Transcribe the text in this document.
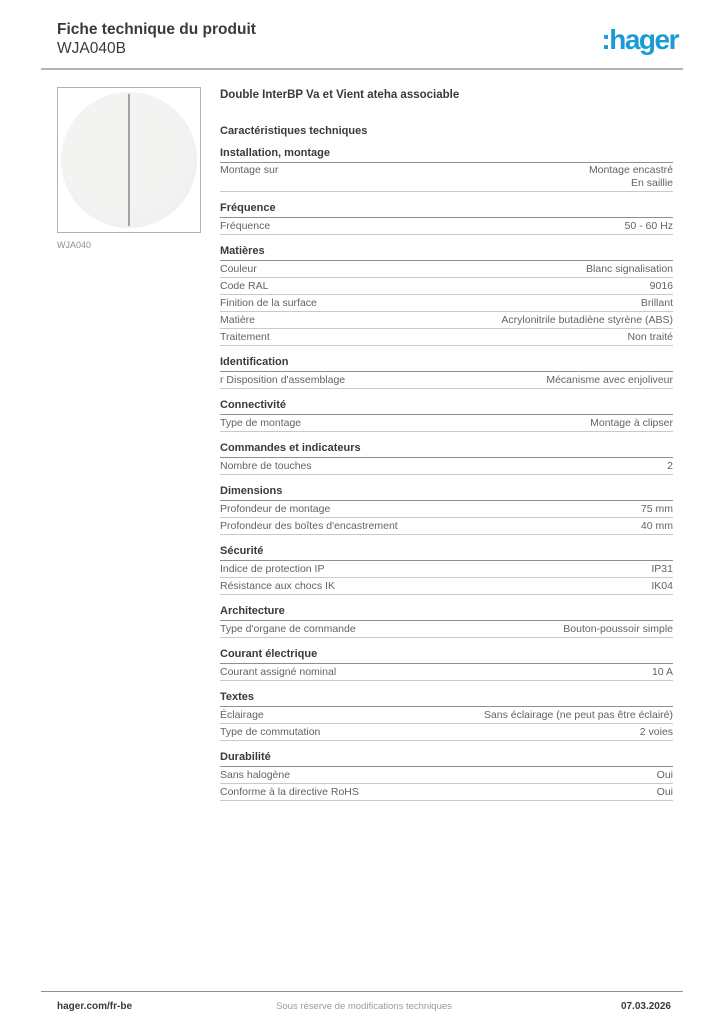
Fiche technique du produit
WJA040B	:hager
WJA040
Double InterBP Va et Vient ateha associable
Caractéristiques techniques
Installation, montage
Montage sur	Montage encastré
En saillie
Fréquence
Fréquence	50 - 60 Hz
Matières
Couleur	Blanc signalisation
Code RAL	9016
Finition de la surface	Brillant
Matière	Acrylonitrile butadiène styrène (ABS)
Traitement	Non traité
Identification
r Disposition d'assemblage	Mécanisme avec enjoliveur
Connectivité
Type de montage	Montage à clipser
Commandes et indicateurs
Nombre de touches	2
Dimensions
Profondeur de montage	75 mm
Profondeur des boîtes d'encastrement	40 mm
Sécurité
Indice de protection IP	IP31
Résistance aux chocs IK	IK04
Architecture
Type d'organe de commande	Bouton-poussoir simple
Courant électrique
Courant assigné nominal	10 A
Textes
Éclairage	Sans éclairage (ne peut pas être éclairé)
Type de commutation	2 voies
Durabilité
Sans halogène	Oui
Conforme à la directive RoHS	Oui
hager.com/fr-be	Sous réserve de modifications techniques	07.03.2026
